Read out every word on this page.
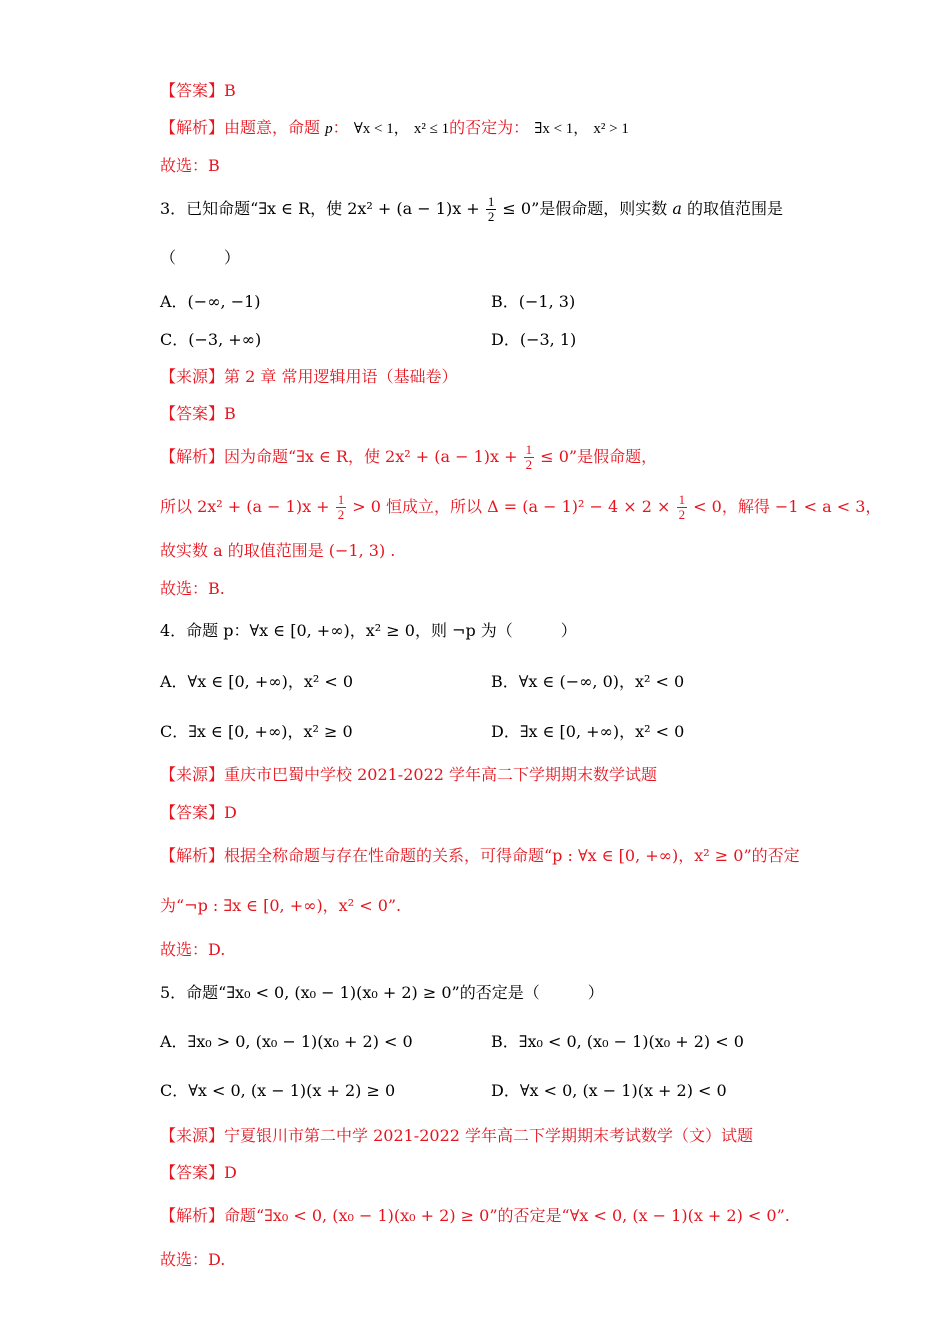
【答案】B
【解析】由题意，命题 p： ∀x < 1， x² ≤ 1的否定为： ∃x < 1， x² > 1
故选：B
3．已知命题“∃x ∈ R，使 $2x^2 + (a - 1)x + \frac{1}{2} \le 0$”是假命题，则实数 a 的取值范围是
（　　　）
A．(−∞, −1)	B．(−1, 3)
C．(−3, +∞)	D．(−3, 1)
【来源】第 2 章 常用逻辑用语（基础卷）
【答案】B
【解析】因为命题“∃x ∈ R，使 $2x^2 + (a - 1)x + \frac{1}{2} \le 0$”是假命题，
所以 $2x^2 + (a - 1)x + \frac{1}{2} > 0$ 恒成立，所以 $\Delta = (a - 1)^2 - 4 \times 2 \times \frac{1}{2} < 0$，解得 −1 < a < 3，
故实数 a 的取值范围是 (−1, 3) .
故选：B.
4．命题 p：∀x ∈ [0, +∞)，x² ≥ 0，则 ¬p 为（　　　）
A．∀x ∈ [0, +∞)，x² < 0	B．∀x ∈ (−∞, 0)，x² < 0
C．∃x ∈ [0, +∞)，x² ≥ 0	D．∃x ∈ [0, +∞)，x² < 0
【来源】重庆市巴蜀中学校 2021-2022 学年高二下学期期末数学试题
【答案】D
【解析】根据全称命题与存在性命题的关系，可得命题“p : ∀x ∈ [0, +∞)，x² ≥ 0”的否定
为“¬p : ∃x ∈ [0, +∞)，x² < 0”.
故选：D.
5．命题“∃x₀ < 0, (x₀ − 1)(x₀ + 2) ≥ 0”的否定是（　　　）
A．∃x₀ > 0, (x₀ − 1)(x₀ + 2) < 0	B．∃x₀ < 0, (x₀ − 1)(x₀ + 2) < 0
C．∀x < 0, (x − 1)(x + 2) ≥ 0	D．∀x < 0, (x − 1)(x + 2) < 0
【来源】宁夏银川市第二中学 2021-2022 学年高二下学期期末考试数学（文）试题
【答案】D
【解析】命题“∃x₀ < 0, (x₀ − 1)(x₀ + 2) ≥ 0”的否定是“∀x < 0, (x − 1)(x + 2) < 0”.
故选：D.
